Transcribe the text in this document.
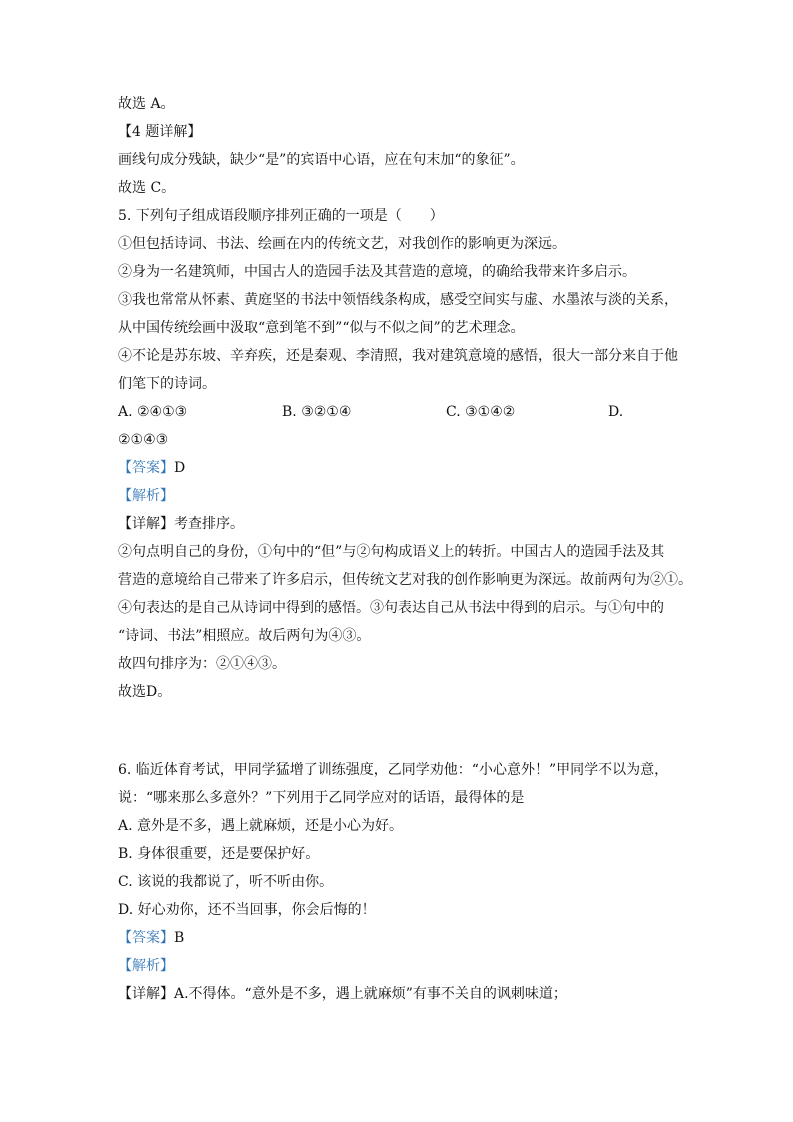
故选 A。

【4 题详解】

画线句成分残缺，缺少“是”的宾语中心语，应在句末加“的象征”。

故选 C。

5. 下列句子组成语段顺序排列正确的一项是（　　）

①但包括诗词、书法、绘画在内的传统文艺，对我创作的影响更为深远。

②身为一名建筑师，中国古人的造园手法及其营造的意境，的确给我带来许多启示。

③我也常常从怀素、黄庭坚的书法中领悟线条构成，感受空间实与虚、水墨浓与淡的关系，

从中国传统绘画中汲取“意到笔不到”“似与不似之间”的艺术理念。

④不论是苏东坡、辛弃疾，还是秦观、李清照，我对建筑意境的感悟，很大一部分来自于他

们笔下的诗词。

A. ②④①③	B. ③②①④	C. ③①④②	D.

②①④③

【答案】D

【解析】

【详解】考查排序。

②句点明自己的身份，①句中的“但”与②句构成语义上的转折。中国古人的造园手法及其

营造的意境给自己带来了许多启示，但传统文艺对我的创作影响更为深远。故前两句为②①。

④句表达的是自己从诗词中得到的感悟。③句表达自己从书法中得到的启示。与①句中的

“诗词、书法”相照应。故后两句为④③。

故四句排序为：②①④③。

故选D。

6. 临近体育考试，甲同学猛增了训练强度，乙同学劝他：“小心意外！”甲同学不以为意，

说：“哪来那么多意外？”下列用于乙同学应对的话语，最得体的是

A. 意外是不多，遇上就麻烦，还是小心为好。

B. 身体很重要，还是要保护好。

C. 该说的我都说了，听不听由你。

D. 好心劝你，还不当回事，你会后悔的！

【答案】B

【解析】

【详解】A.不得体。“意外是不多，遇上就麻烦”有事不关自的讽刺味道；
